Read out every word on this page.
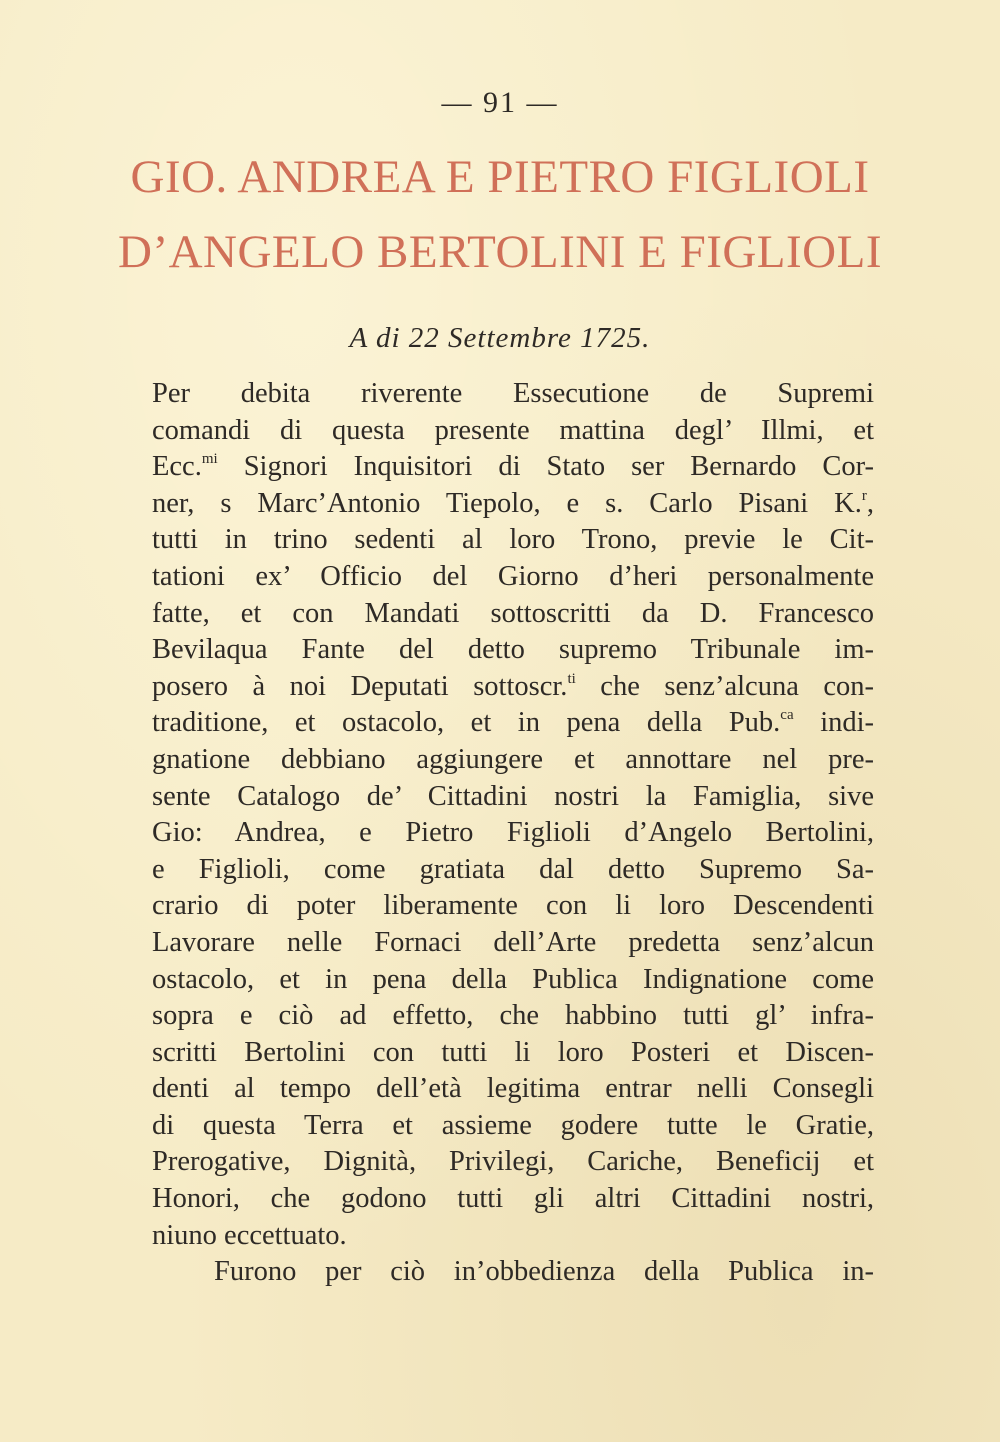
— 91 —
GIO. ANDREA E PIETRO FIGLIOLI
D’ANGELO BERTOLINI E FIGLIOLI
A di 22 Settembre 1725.
Per debita riverente Essecutione de Supremi
comandi di questa presente mattina degl’ Illmi, et
Ecc.$^{mi}$ Signori Inquisitori di Stato ser Bernardo Cor-
ner, s Marc’Antonio Tiepolo, e s. Carlo Pisani K.$^r$,
tutti in trino sedenti al loro Trono, previe le Cit-
tationi ex’ Officio del Giorno d’heri personalmente
fatte, et con Mandati sottoscritti da D. Francesco
Bevilaqua Fante del detto supremo Tribunale im-
posero à noi Deputati sottoscr.$^{ti}$ che senz’alcuna con-
traditione, et ostacolo, et in pena della Pub.$^{ca}$ indi-
gnatione debbiano aggiungere et annottare nel pre-
sente Catalogo de’ Cittadini nostri la Famiglia, sive
Gio: Andrea, e Pietro Figlioli d’Angelo Bertolini,
e Figlioli, come gratiata dal detto Supremo Sa-
crario di poter liberamente con li loro Descendenti
Lavorare nelle Fornaci dell’Arte predetta senz’alcun
ostacolo, et in pena della Publica Indignatione come
sopra e ciò ad effetto, che habbino tutti gl’ infra-
scritti Bertolini con tutti li loro Posteri et Discen-
denti al tempo dell’età legitima entrar nelli Consegli
di questa Terra et assieme godere tutte le Gratie,
Prerogative, Dignità, Privilegi, Cariche, Beneficij et
Honori, che godono tutti gli altri Cittadini nostri,
niuno eccettuato.
Furono per ciò in’obbedienza della Publica in-
